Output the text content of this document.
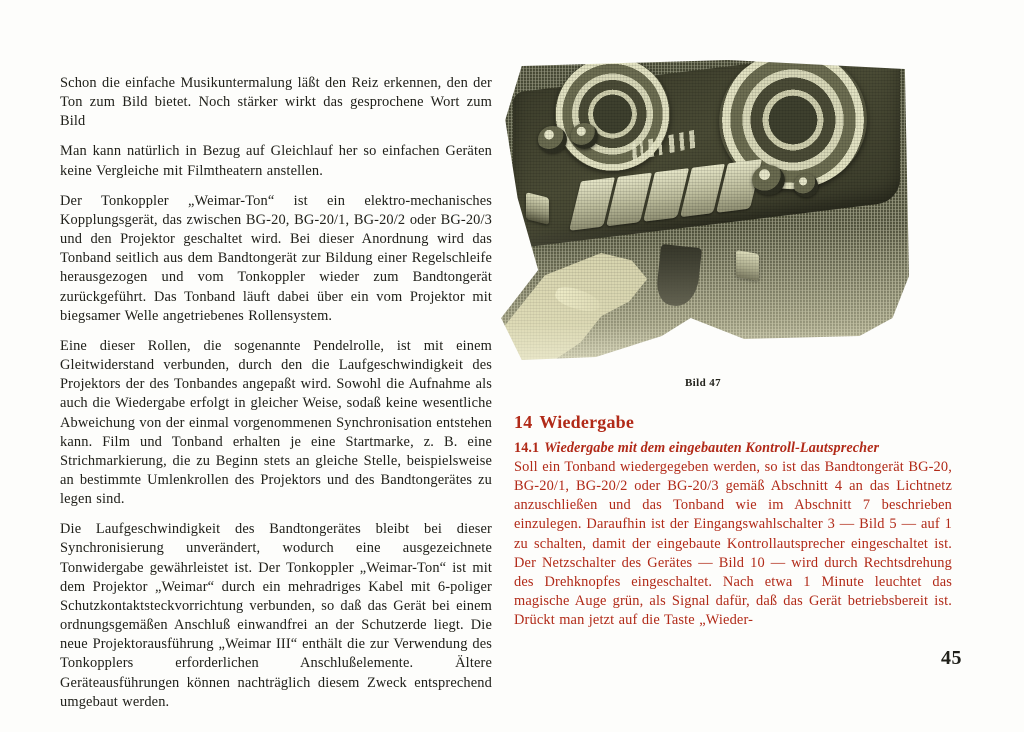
Schon die einfache Musikuntermalung läßt den Reiz erkennen, den der Ton zum Bild bietet. Noch stärker wirkt das gesprochene Wort zum Bild

Man kann natürlich in Bezug auf Gleichlauf her so einfachen Geräten keine Vergleiche mit Filmtheatern anstellen.

Der Tonkoppler „Weimar-Ton“ ist ein elektro-mechanisches Kopplungsgerät, das zwischen BG-20, BG-20/1, BG-20/2 oder BG-20/3 und den Projektor geschaltet wird. Bei dieser Anordnung wird das Tonband seitlich aus dem Bandtongerät zur Bildung einer Regelschleife herausgezogen und vom Tonkoppler wieder zum Bandtongerät zurückgeführt. Das Tonband läuft dabei über ein vom Projektor mit biegsamer Welle angetriebenes Rollensystem.

Eine dieser Rollen, die sogenannte Pendelrolle, ist mit einem Gleitwiderstand verbunden, durch den die Laufgeschwindigkeit des Projektors der des Tonbandes angepaßt wird. Sowohl die Aufnahme als auch die Wiedergabe erfolgt in gleicher Weise, sodaß keine wesentliche Abweichung von der einmal vorgenommenen Synchronisation entstehen kann. Film und Tonband erhalten je eine Startmarke, z. B. eine Strichmarkierung, die zu Beginn stets an gleiche Stelle, beispielsweise an bestimmte Umlenkrollen des Projektors und des Bandtongerätes zu legen sind.

Die Laufgeschwindigkeit des Bandtongerätes bleibt bei dieser Synchronisierung unverändert, wodurch eine ausgezeichnete Tonwidergabe gewährleistet ist. Der Tonkoppler „Weimar-Ton“ ist mit dem Projektor „Weimar“ durch ein mehradriges Kabel mit 6-poliger Schutzkontaktsteckvorrichtung verbunden, so daß das Gerät bei einem ordnungsgemäßen Anschluß einwandfrei an der Schutzerde liegt. Die neue Projektorausführung „Weimar III“ enthält die zur Verwendung des Tonkopplers erforderlichen Anschlußelemente. Ältere Geräteausführungen können nachträglich diesem Zweck entsprechend umgebaut werden.

Bild 47
14 Wiedergabe
14.1 Wiedergabe mit dem eingebauten Kontroll-Lautsprecher

Soll ein Tonband wiedergegeben werden, so ist das Bandtongerät BG-20, BG-20/1, BG-20/2 oder BG-20/3 gemäß Abschnitt 4 an das Lichtnetz anzuschließen und das Tonband wie im Abschnitt 7 beschrieben einzulegen. Daraufhin ist der Eingangswahlschalter 3 — Bild 5 — auf 1 zu schalten, damit der eingebaute Kontrollautsprecher eingeschaltet ist. Der Netzschalter des Gerätes — Bild 10 — wird durch Rechtsdrehung des Drehknopfes eingeschaltet. Nach etwa 1 Minute leuchtet das magische Auge grün, als Signal dafür, daß das Gerät betriebsbereit ist. Drückt man jetzt auf die Taste „Wieder-

45
